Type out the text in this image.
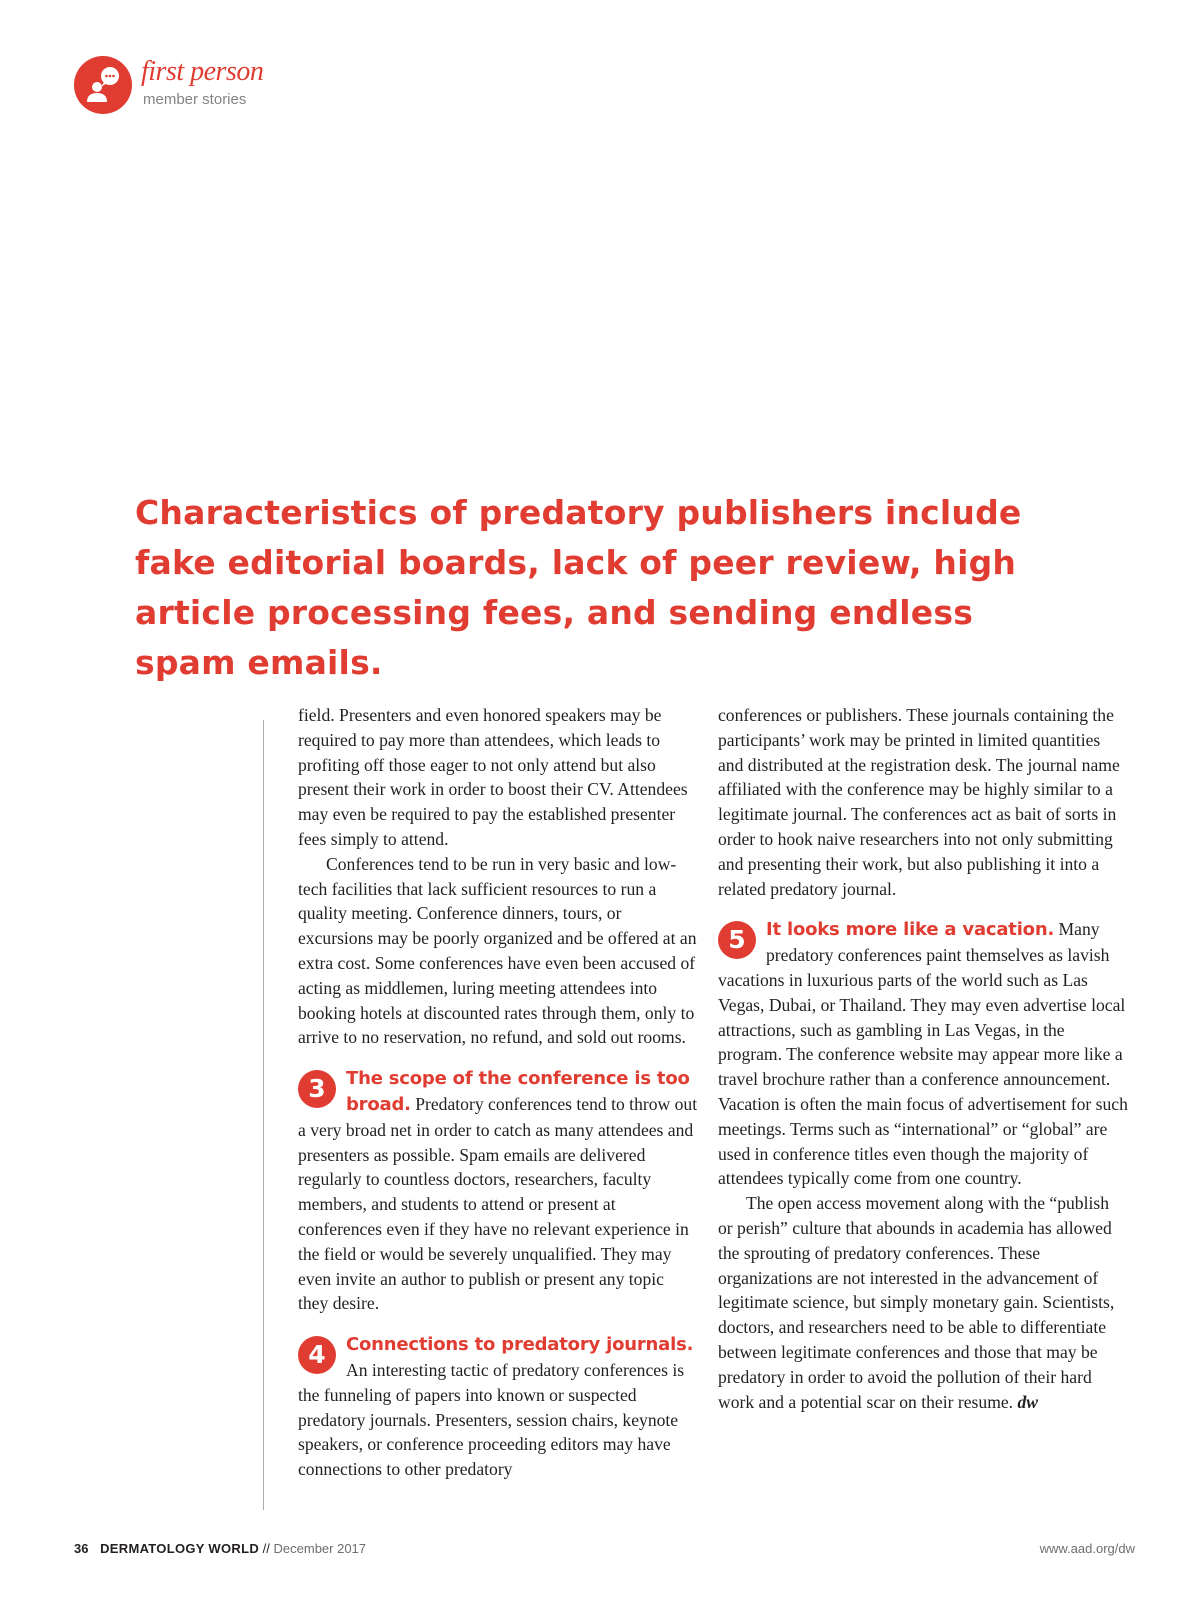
first person
member stories
Characteristics of predatory publishers include fake editorial boards, lack of peer review, high article processing fees, and sending endless spam emails.

field. Presenters and even honored speakers may be required to pay more than attendees, which leads to profiting off those eager to not only attend but also present their work in order to boost their CV. Attendees may even be required to pay the established presenter fees simply to attend.

Conferences tend to be run in very basic and low-tech facilities that lack sufficient resources to run a quality meeting. Conference dinners, tours, or excursions may be poorly organized and be offered at an extra cost. Some conferences have even been accused of acting as middlemen, luring meeting attendees into booking hotels at discounted rates through them, only to arrive to no reservation, no refund, and sold out rooms.

3	The scope of the conference is too broad. Predatory conferences tend to throw out a very broad net in order to catch as many attendees and presenters as possible. Spam emails are delivered regularly to countless doctors, researchers, faculty members, and students to attend or present at conferences even if they have no relevant experience in the field or would be severely unqualified. They may even invite an author to publish or present any topic they desire.

4	Connections to predatory journals.
An interesting tactic of predatory conferences is the funneling of papers into known or suspected predatory journals. Presenters, session chairs, keynote speakers, or conference proceeding editors may have connections to other predatory

conferences or publishers. These journals containing the participants’ work may be printed in limited quantities and distributed at the registration desk. The journal name affiliated with the conference may be highly similar to a legitimate journal. The conferences act as bait of sorts in order to hook naive researchers into not only submitting and presenting their work, but also publishing it into a related predatory journal.

5	It looks more like a vacation. Many predatory conferences paint themselves as lavish vacations in luxurious parts of the world such as Las Vegas, Dubai, or Thailand. They may even advertise local attractions, such as gambling in Las Vegas, in the program. The conference website may appear more like a travel brochure rather than a conference announcement. Vacation is often the main focus of advertisement for such meetings. Terms such as “international” or “global” are used in conference titles even though the majority of attendees typically come from one country.

The open access movement along with the “publish or perish” culture that abounds in academia has allowed the sprouting of predatory conferences. These organizations are not interested in the advancement of legitimate science, but simply monetary gain. Scientists, doctors, and researchers need to be able to differentiate between legitimate conferences and those that may be predatory in order to avoid the pollution of their hard work and a potential scar on their resume. dw

36 DERMATOLOGY WORLD // December 2017	www.aad.org/dw
